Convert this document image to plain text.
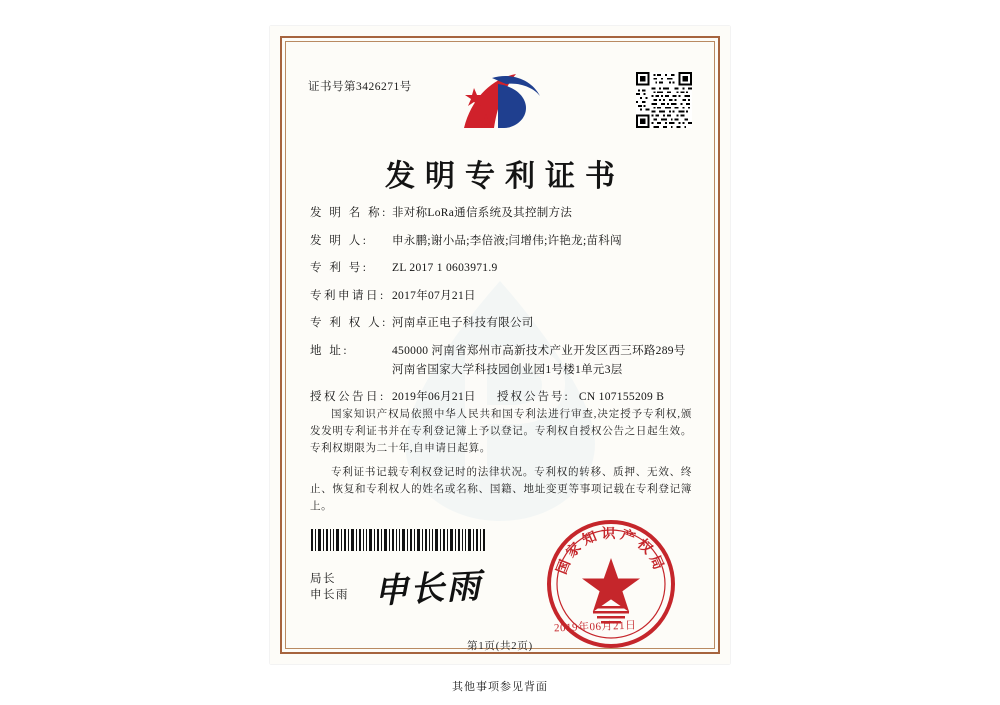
证书号第3426271号
发明专利证书
发 明 名 称: 非对称LoRa通信系统及其控制方法
发 明 人:	申永鹏;谢小品;李倍液;闫增伟;许艳龙;苗科闯
专 利 号:	ZL 2017 1 0603971.9
专利申请日: 2017年07月21日
专 利 权 人: 河南卓正电子科技有限公司
地 址:	450000 河南省郑州市高新技术产业开发区西三环路289号
河南省国家大学科技园创业园1号楼1单元3层
授权公告日: 2019年06月21日 授权公告号: CN 107155209 B

国家知识产权局依照中华人民共和国专利法进行审查,决定授予专利权,颁发发明专利证书并在专利登记簿上予以登记。专利权自授权公告之日起生效。专利权期限为二十年,自申请日起算。

专利证书记载专利权登记时的法律状况。专利权的转移、质押、无效、终止、恢复和专利权人的姓名或名称、国籍、地址变更等事项记载在专利登记簿上。

局长
申长雨 申长雨
国家知识产权局
2019年06月21日
第1页(共2页)
其他事项参见背面
